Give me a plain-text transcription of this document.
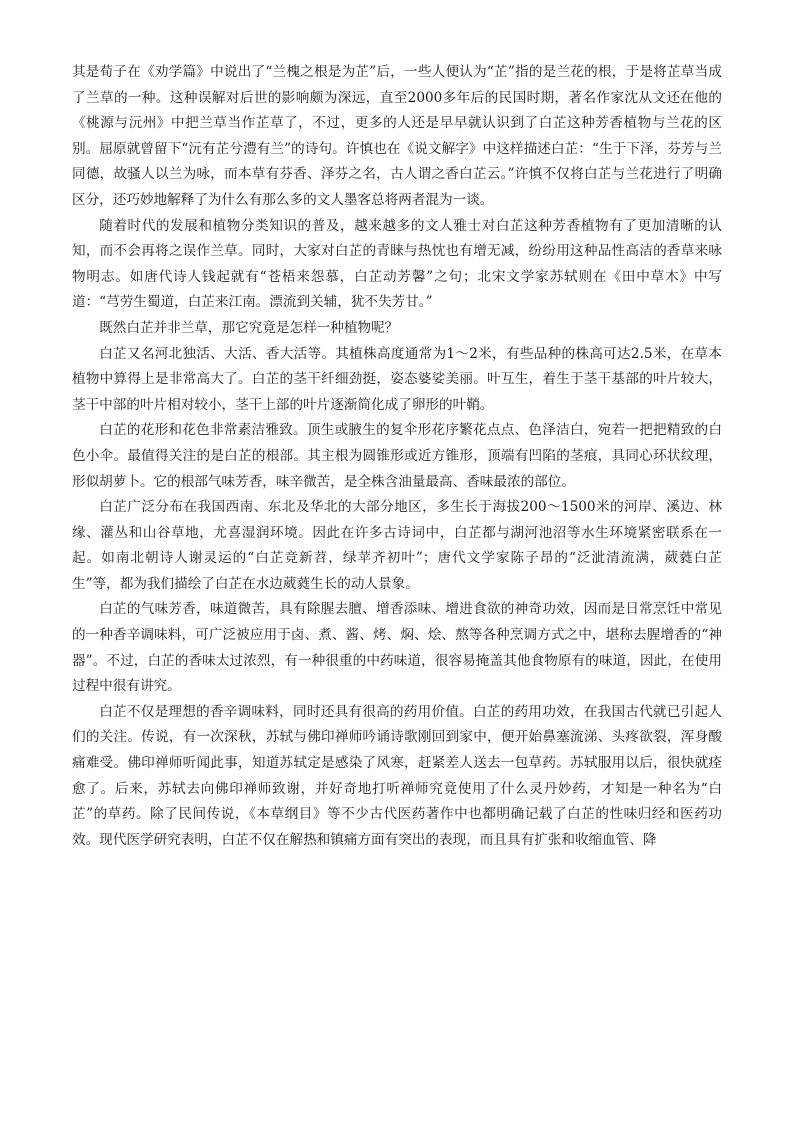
其是荀子在《劝学篇》中说出了“兰槐之根是为芷”后，一些人便认为“芷”指的是兰花的根，于是将芷草当成了兰草的一种。这种误解对后世的影响颇为深远，直至2000多年后的民国时期，著名作家沈从文还在他的《桃源与沅州》中把兰草当作芷草了，不过，更多的人还是早早就认识到了白芷这种芳香植物与兰花的区别。屈原就曾留下“沅有芷兮澧有兰”的诗句。许慎也在《说文解字》中这样描述白芷：“生于下泽，芬芳与兰同德，故骚人以兰为咏，而本草有芬香、泽芬之名，古人谓之香白芷云。”许慎不仅将白芷与兰花进行了明确区分，还巧妙地解释了为什么有那么多的文人墨客总将两者混为一谈。

随着时代的发展和植物分类知识的普及，越来越多的文人雅士对白芷这种芳香植物有了更加清晰的认知，而不会再将之误作兰草。同时，大家对白芷的青睐与热忱也有增无减，纷纷用这种品性高洁的香草来咏物明志。如唐代诗人钱起就有“苍梧来怨慕，白芷动芳馨”之句；北宋文学家苏轼则在《田中草木》中写道：“芎劳生蜀道，白芷来江南。漂流到关辅，犹不失芳甘。”

既然白芷并非兰草，那它究竟是怎样一种植物呢？

白芷又名河北独活、大活、香大活等。其植株高度通常为1～2米，有些品种的株高可达2.5米，在草本植物中算得上是非常高大了。白芷的茎干纤细劲挺，姿态婆娑美丽。叶互生，着生于茎干基部的叶片较大，茎干中部的叶片相对较小，茎干上部的叶片逐渐简化成了卵形的叶鞘。

白芷的花形和花色非常素洁雅致。顶生或腋生的复伞形花序繁花点点、色泽洁白，宛若一把把精致的白色小伞。最值得关注的是白芷的根部。其主根为圆锥形或近方锥形，顶端有凹陷的茎痕，具同心环状纹理，形似胡萝卜。它的根部气味芳香，味辛微苦，是全株含油量最高、香味最浓的部位。

白芷广泛分布在我国西南、东北及华北的大部分地区，多生长于海拔200～1500米的河岸、溪边、林缘、灌丛和山谷草地，尤喜湿润环境。因此在许多古诗词中，白芷都与湖河池沼等水生环境紧密联系在一起。如南北朝诗人谢灵运的“白芷竞新苕，绿苹齐初叶”；唐代文学家陈子昂的“泛泚清流满，葳蕤白芷生”等，都为我们描绘了白芷在水边葳蕤生长的动人景象。

白芷的气味芳香，味道微苦，具有除腥去膻、增香添味、增进食欲的神奇功效，因而是日常烹饪中常见的一种香辛调味料，可广泛被应用于卤、煮、酱、烤、焖、烩、熬等各种烹调方式之中，堪称去腥增香的“神器”。不过，白芷的香味太过浓烈，有一种很重的中药味道，很容易掩盖其他食物原有的味道，因此，在使用过程中很有讲究。

白芷不仅是理想的香辛调味料，同时还具有很高的药用价值。白芷的药用功效，在我国古代就已引起人们的关注。传说，有一次深秋，苏轼与佛印禅师吟诵诗歌刚回到家中，便开始鼻塞流涕、头疼欲裂，浑身酸痛难受。佛印禅师听闻此事，知道苏轼定是感染了风寒，赶紧差人送去一包草药。苏轼服用以后，很快就痊愈了。后来，苏轼去向佛印禅师致谢，并好奇地打听禅师究竟使用了什么灵丹妙药，才知是一种名为“白芷”的草药。除了民间传说，《本草纲目》等不少古代医药著作中也都明确记载了白芷的性味归经和医药功效。现代医学研究表明，白芷不仅在解热和镇痛方面有突出的表现，而且具有扩张和收缩血管、降
